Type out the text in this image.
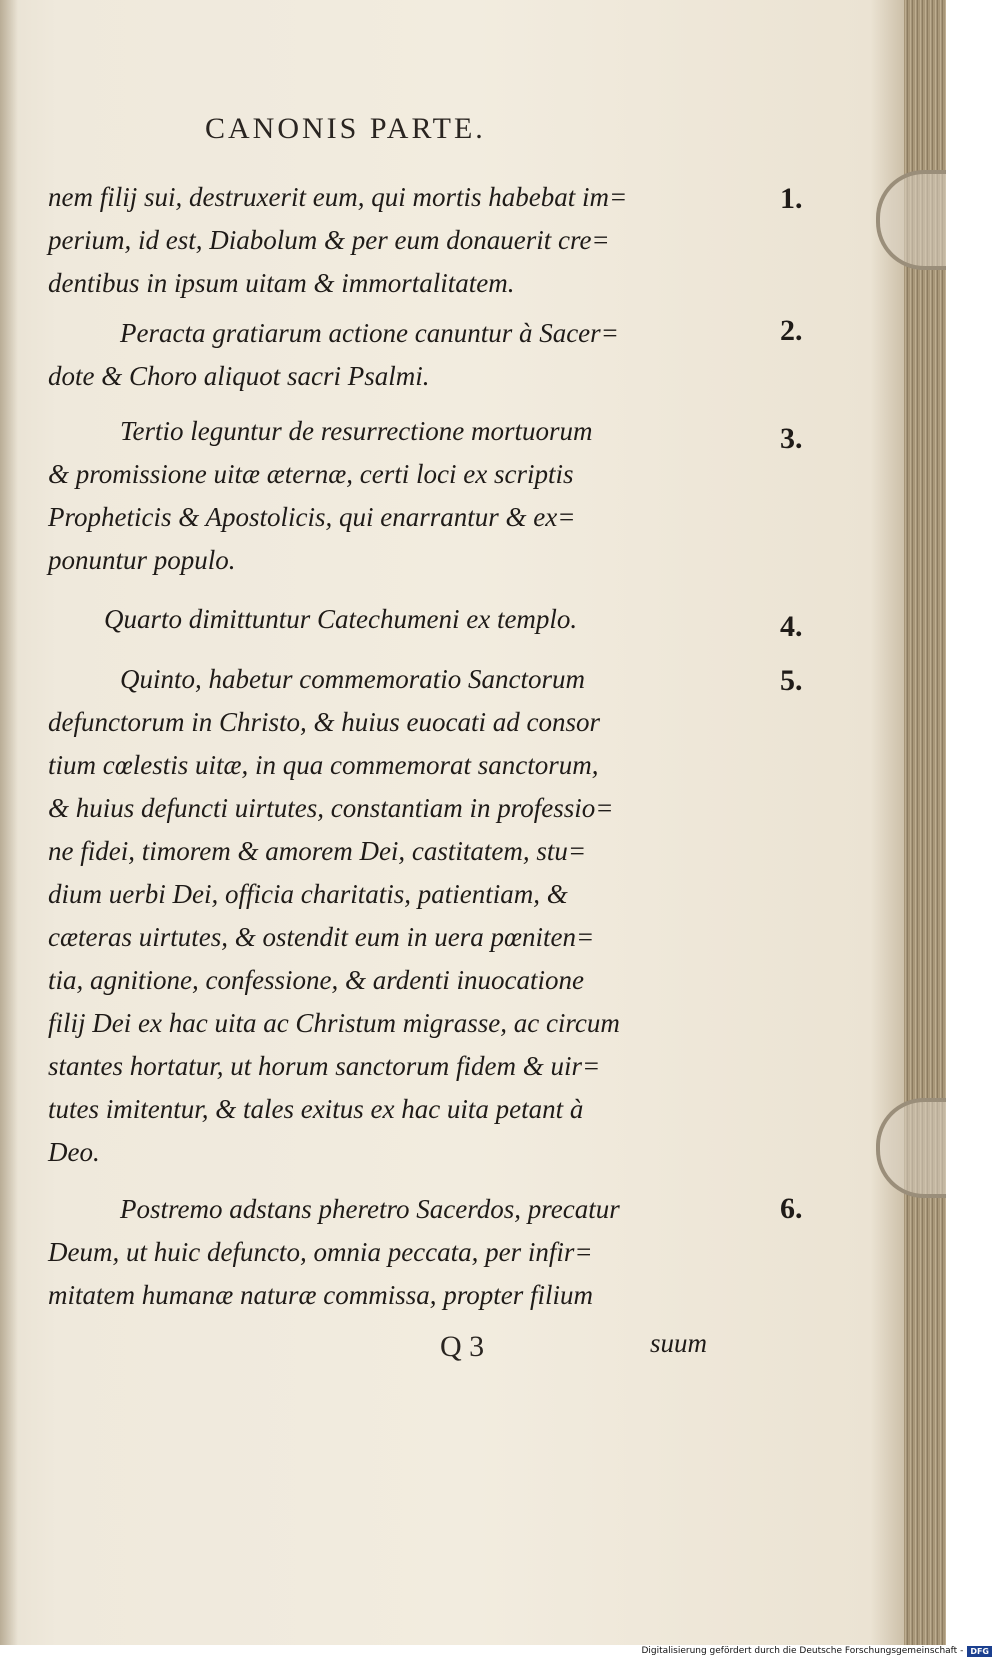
CANONIS PARTE.

nem filij sui, destruxerit eum, qui mortis habebat im=

perium, id est, Diabolum & per eum donauerit cre=

dentibus in ipsum uitam & immortalitatem.

1.

Peracta gratiarum actione canuntur à Sacer=

dote & Choro aliquot sacri Psalmi.

2.

Tertio leguntur de resurrectione mortuorum

& promissione uitæ æternæ, certi loci ex scriptis

Propheticis & Apostolicis, qui enarrantur & ex=

ponuntur populo.

3.

Quarto dimittuntur Catechumeni ex templo.	4.

Quinto, habetur commemoratio Sanctorum

defunctorum in Christo, & huius euocati ad consor

tium cœlestis uitæ, in qua commemorat sanctorum,

& huius defuncti uirtutes, constantiam in professio=

ne fidei, timorem & amorem Dei, castitatem, stu=

dium uerbi Dei, officia charitatis, patientiam, &

cæteras uirtutes, & ostendit eum in uera pœniten=

tia, agnitione, confessione, & ardenti inuocatione

filij Dei ex hac uita ac Christum migrasse, ac circum

stantes hortatur, ut horum sanctorum fidem & uir=

tutes imitentur, & tales exitus ex hac uita petant à

Deo.

5.

Postremo adstans pheretro Sacerdos, precatur

Deum, ut huic defuncto, omnia peccata, per infir=

mitatem humanæ naturæ commissa, propter filium

6.
Q 3	suum
Digitalisierung gefördert durch die Deutsche Forschungsgemeinschaft - DFG
